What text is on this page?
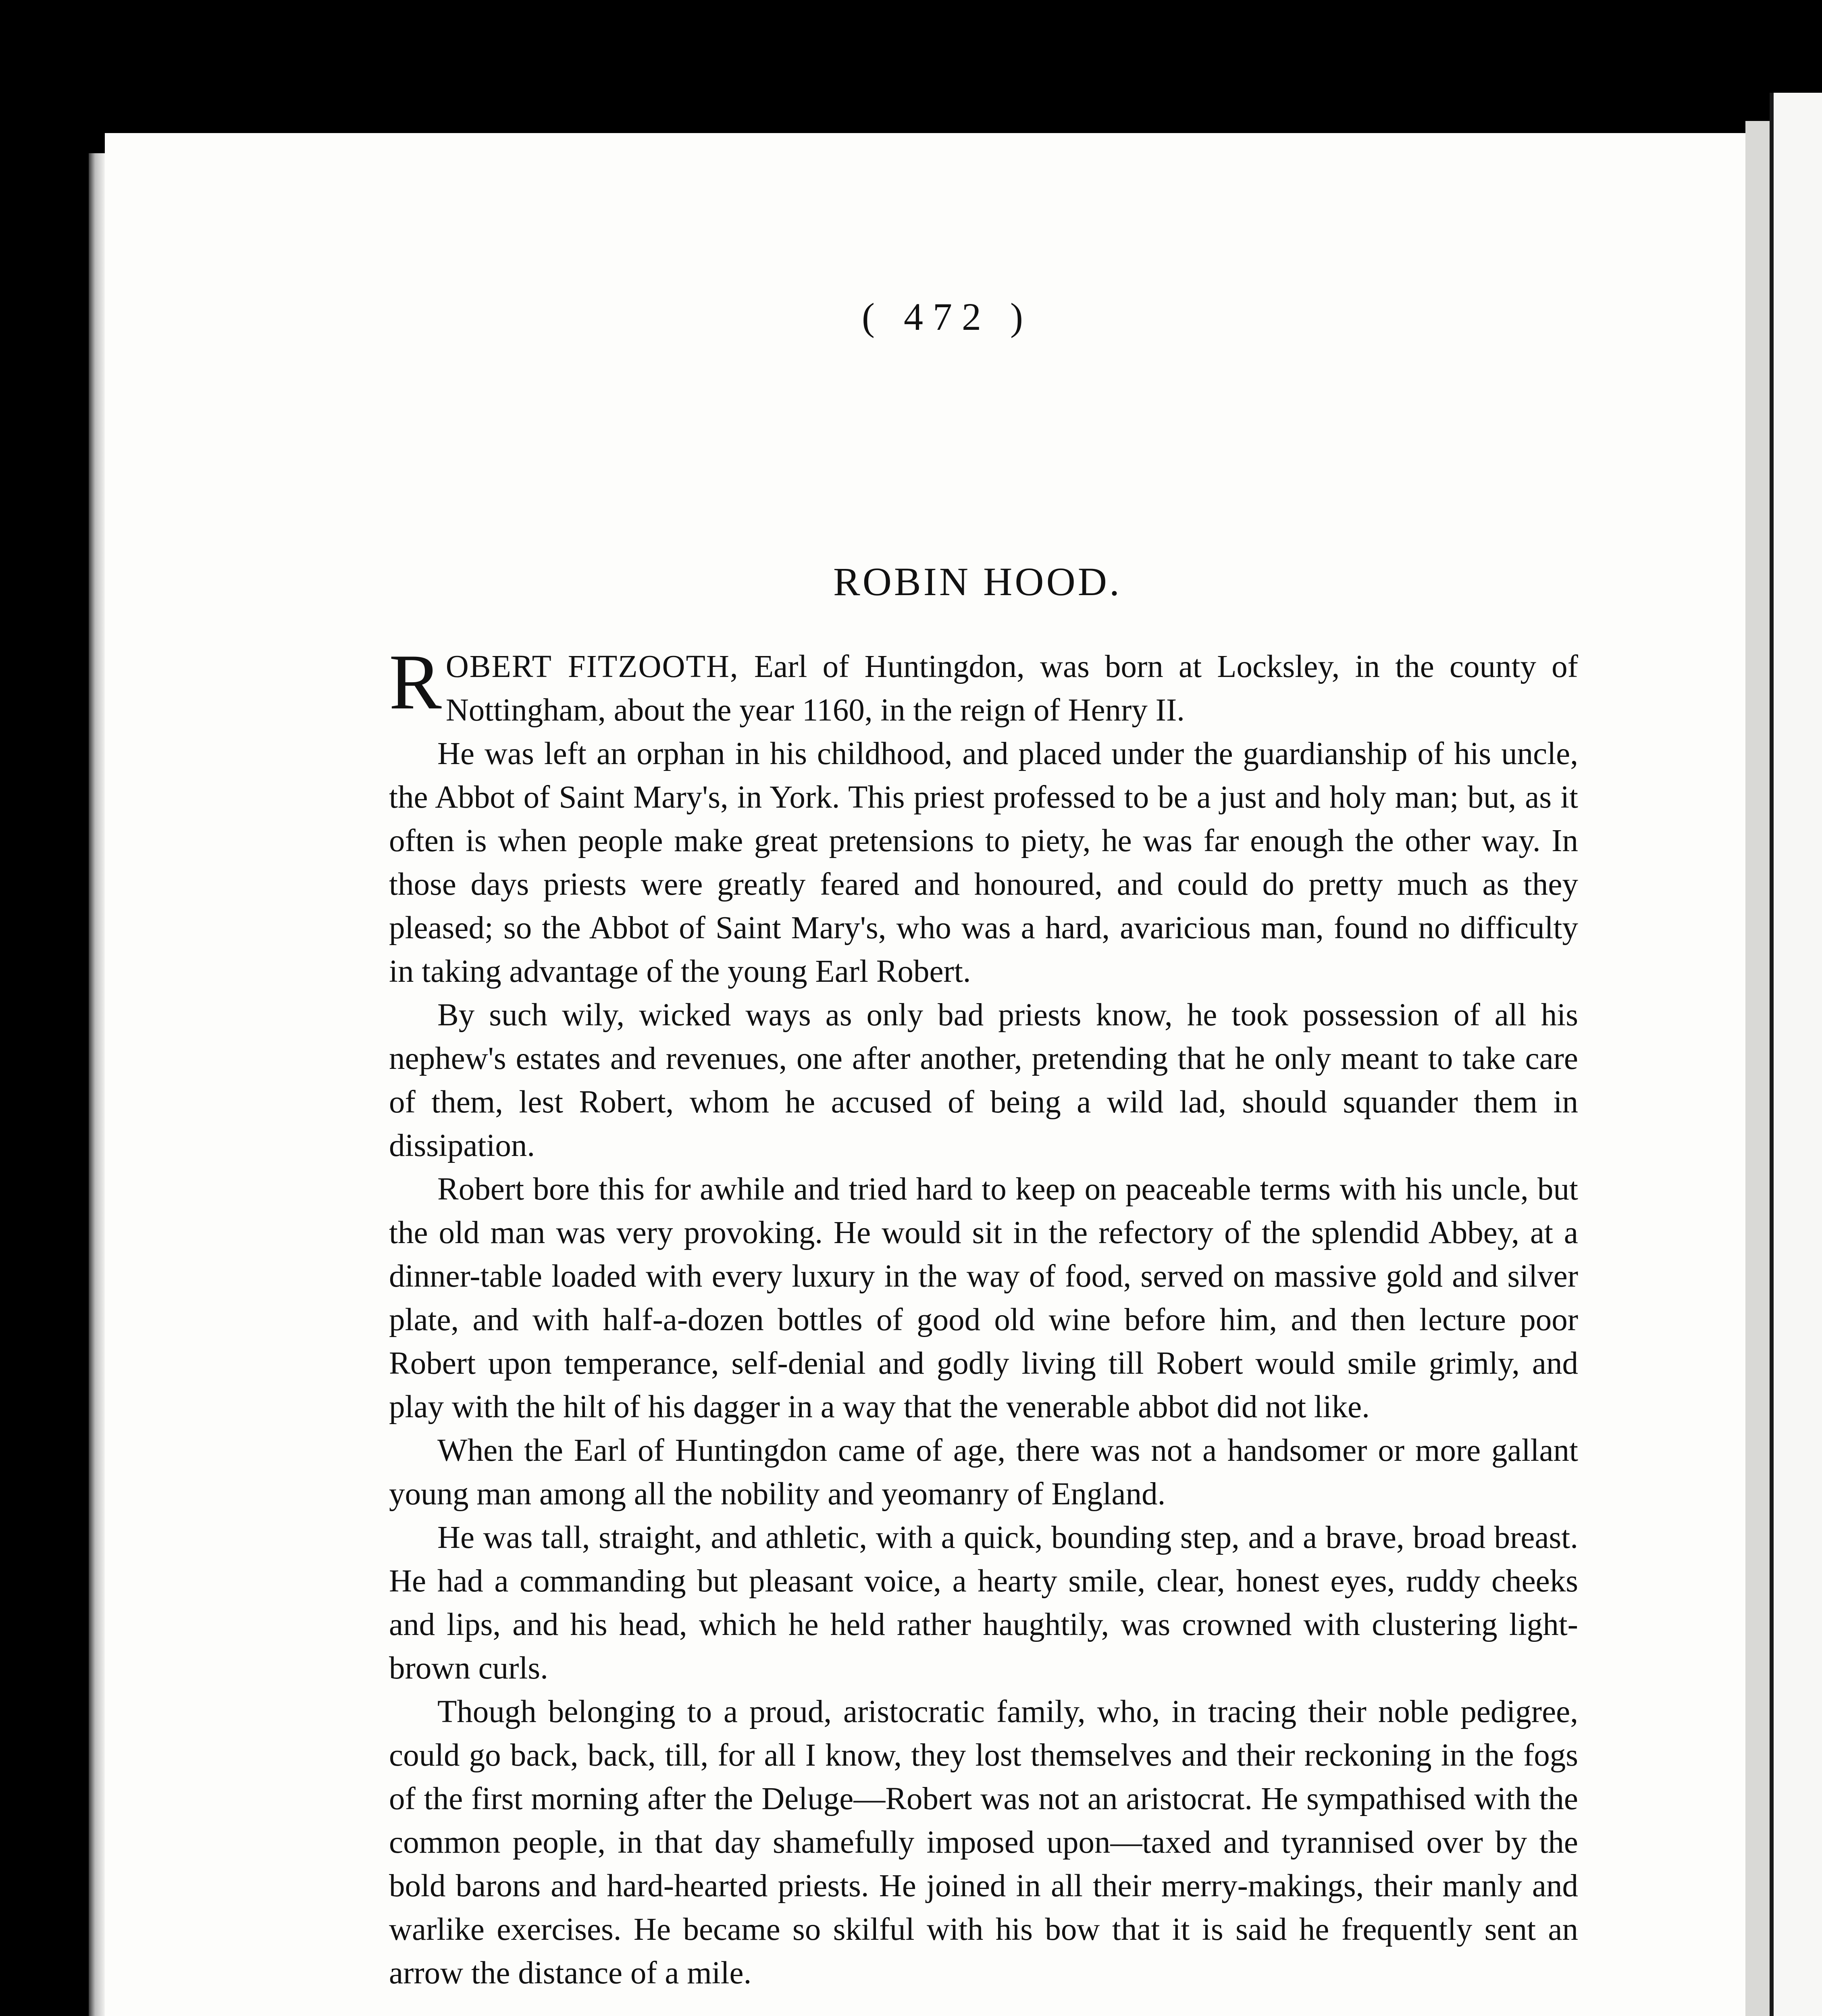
( 472 )
ROBIN HOOD.

ROBERT FITZOOTH, Earl of Huntingdon, was born at Locksley, in the county of Nottingham, about the year 1160, in the reign of Henry II.

He was left an orphan in his childhood, and placed under the guardianship of his uncle, the Abbot of Saint Mary's, in York. This priest professed to be a just and holy man; but, as it often is when people make great pretensions to piety, he was far enough the other way. In those days priests were greatly feared and honoured, and could do pretty much as they pleased; so the Abbot of Saint Mary's, who was a hard, avaricious man, found no difficulty in taking advantage of the young Earl Robert.

By such wily, wicked ways as only bad priests know, he took possession of all his nephew's estates and revenues, one after another, pretending that he only meant to take care of them, lest Robert, whom he accused of being a wild lad, should squander them in dissipation.

Robert bore this for awhile and tried hard to keep on peaceable terms with his uncle, but the old man was very provoking. He would sit in the refectory of the splendid Abbey, at a dinner-table loaded with every luxury in the way of food, served on massive gold and silver plate, and with half-a-dozen bottles of good old wine before him, and then lecture poor Robert upon temperance, self-denial and godly living till Robert would smile grimly, and play with the hilt of his dagger in a way that the venerable abbot did not like.

When the Earl of Huntingdon came of age, there was not a handsomer or more gallant young man among all the nobility and yeomanry of England.

He was tall, straight, and athletic, with a quick, bounding step, and a brave, broad breast. He had a commanding but pleasant voice, a hearty smile, clear, honest eyes, ruddy cheeks and lips, and his head, which he held rather haughtily, was crowned with clustering light-brown curls.

Though belonging to a proud, aristocratic family, who, in tracing their noble pedigree, could go back, back, till, for all I know, they lost themselves and their reckoning in the fogs of the first morning after the Deluge—Robert was not an aristocrat. He sympathised with the common people, in that day shamefully imposed upon—taxed and tyrannised over by the bold barons and hard-hearted priests. He joined in all their merry-makings, their manly and warlike exercises. He became so skilful with his bow that it is said he frequently sent an arrow the distance of a mile.
